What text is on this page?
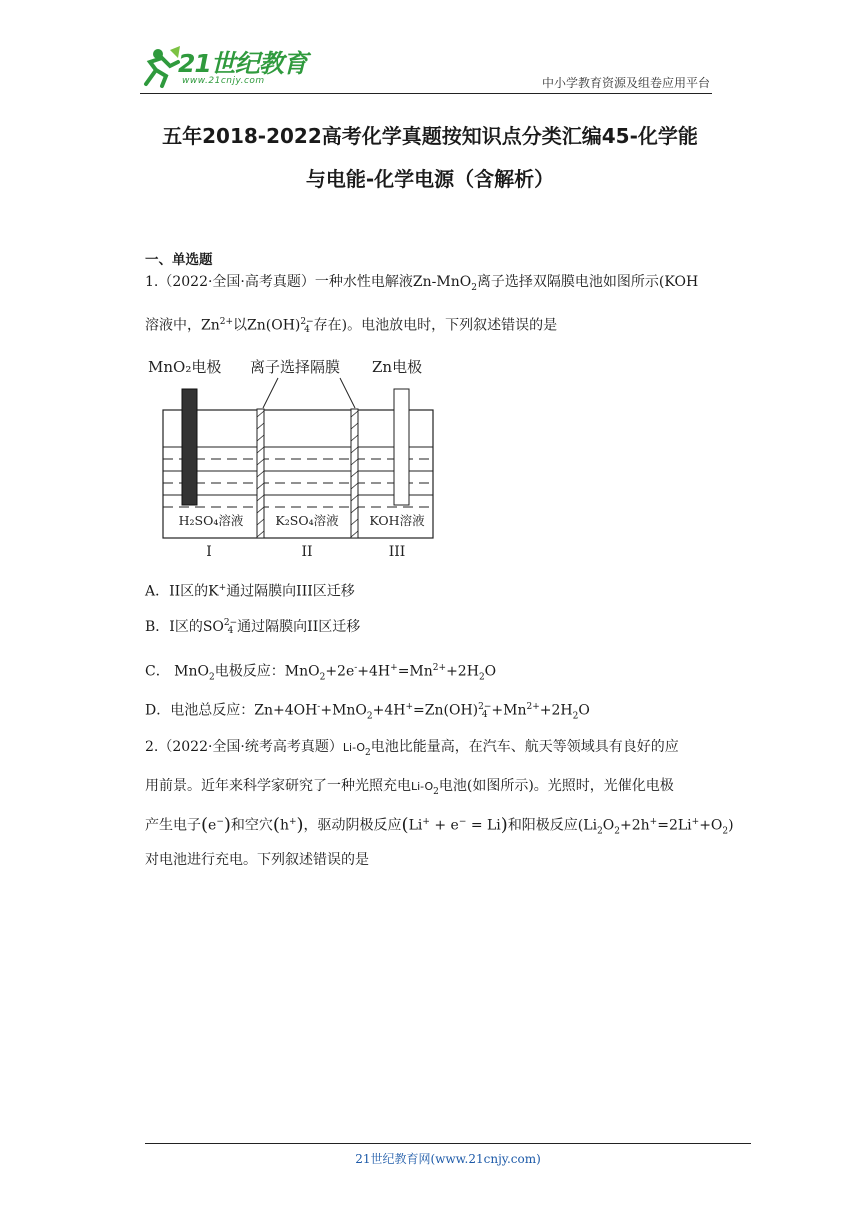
21世纪教育
www.21cnjy.com	中小学教育资源及组卷应用平台
五年2018-2022高考化学真题按知识点分类汇编45-化学能
与电能-化学电源（含解析）
一、单选题
1.（2022·全国·高考真题）一种水性电解液Zn-MnO$_2$离子选择双隔膜电池如图所示(KOH
溶液中，$Zn^{2+}$以Zn(OH)2−
4 存在)。电池放电时，下列叙述错误的是
MnO₂电极 离子选择隔膜 Zn电极
H₂SO₄溶液	K₂SO₄溶液 KOH溶液
I	II	III
A．II区的K+通过隔膜向III区迁移
B．I区的SO2−
4 通过隔膜向II区迁移
C． MnO$_2$电极反应：$MnO_2+2e^-+4H^+=Mn^{2+}+2H_2O$
D．电池总反应：Zn+4OH-+MnO$_2$+4H+=Zn(OH)2−
$4 +Mn^{2+}+2H_2O$
2.（2022·全国·统考高考真题）$Li-O_2$电池比能量高，在汽车、航天等领域具有良好的应
用前景。近年来科学家研究了一种光照充电$Li-O_2$电池(如图所示)。光照时，光催化电极
产生电子(e−)和空穴(h+)，驱动阴极反应(Li+ + e− = Li)和阳极反应$(Li_2O_2+2h^+=2Li^++O_2)$
对电池进行充电。下列叙述错误的是
21世纪教育网(www.21cnjy.com)
